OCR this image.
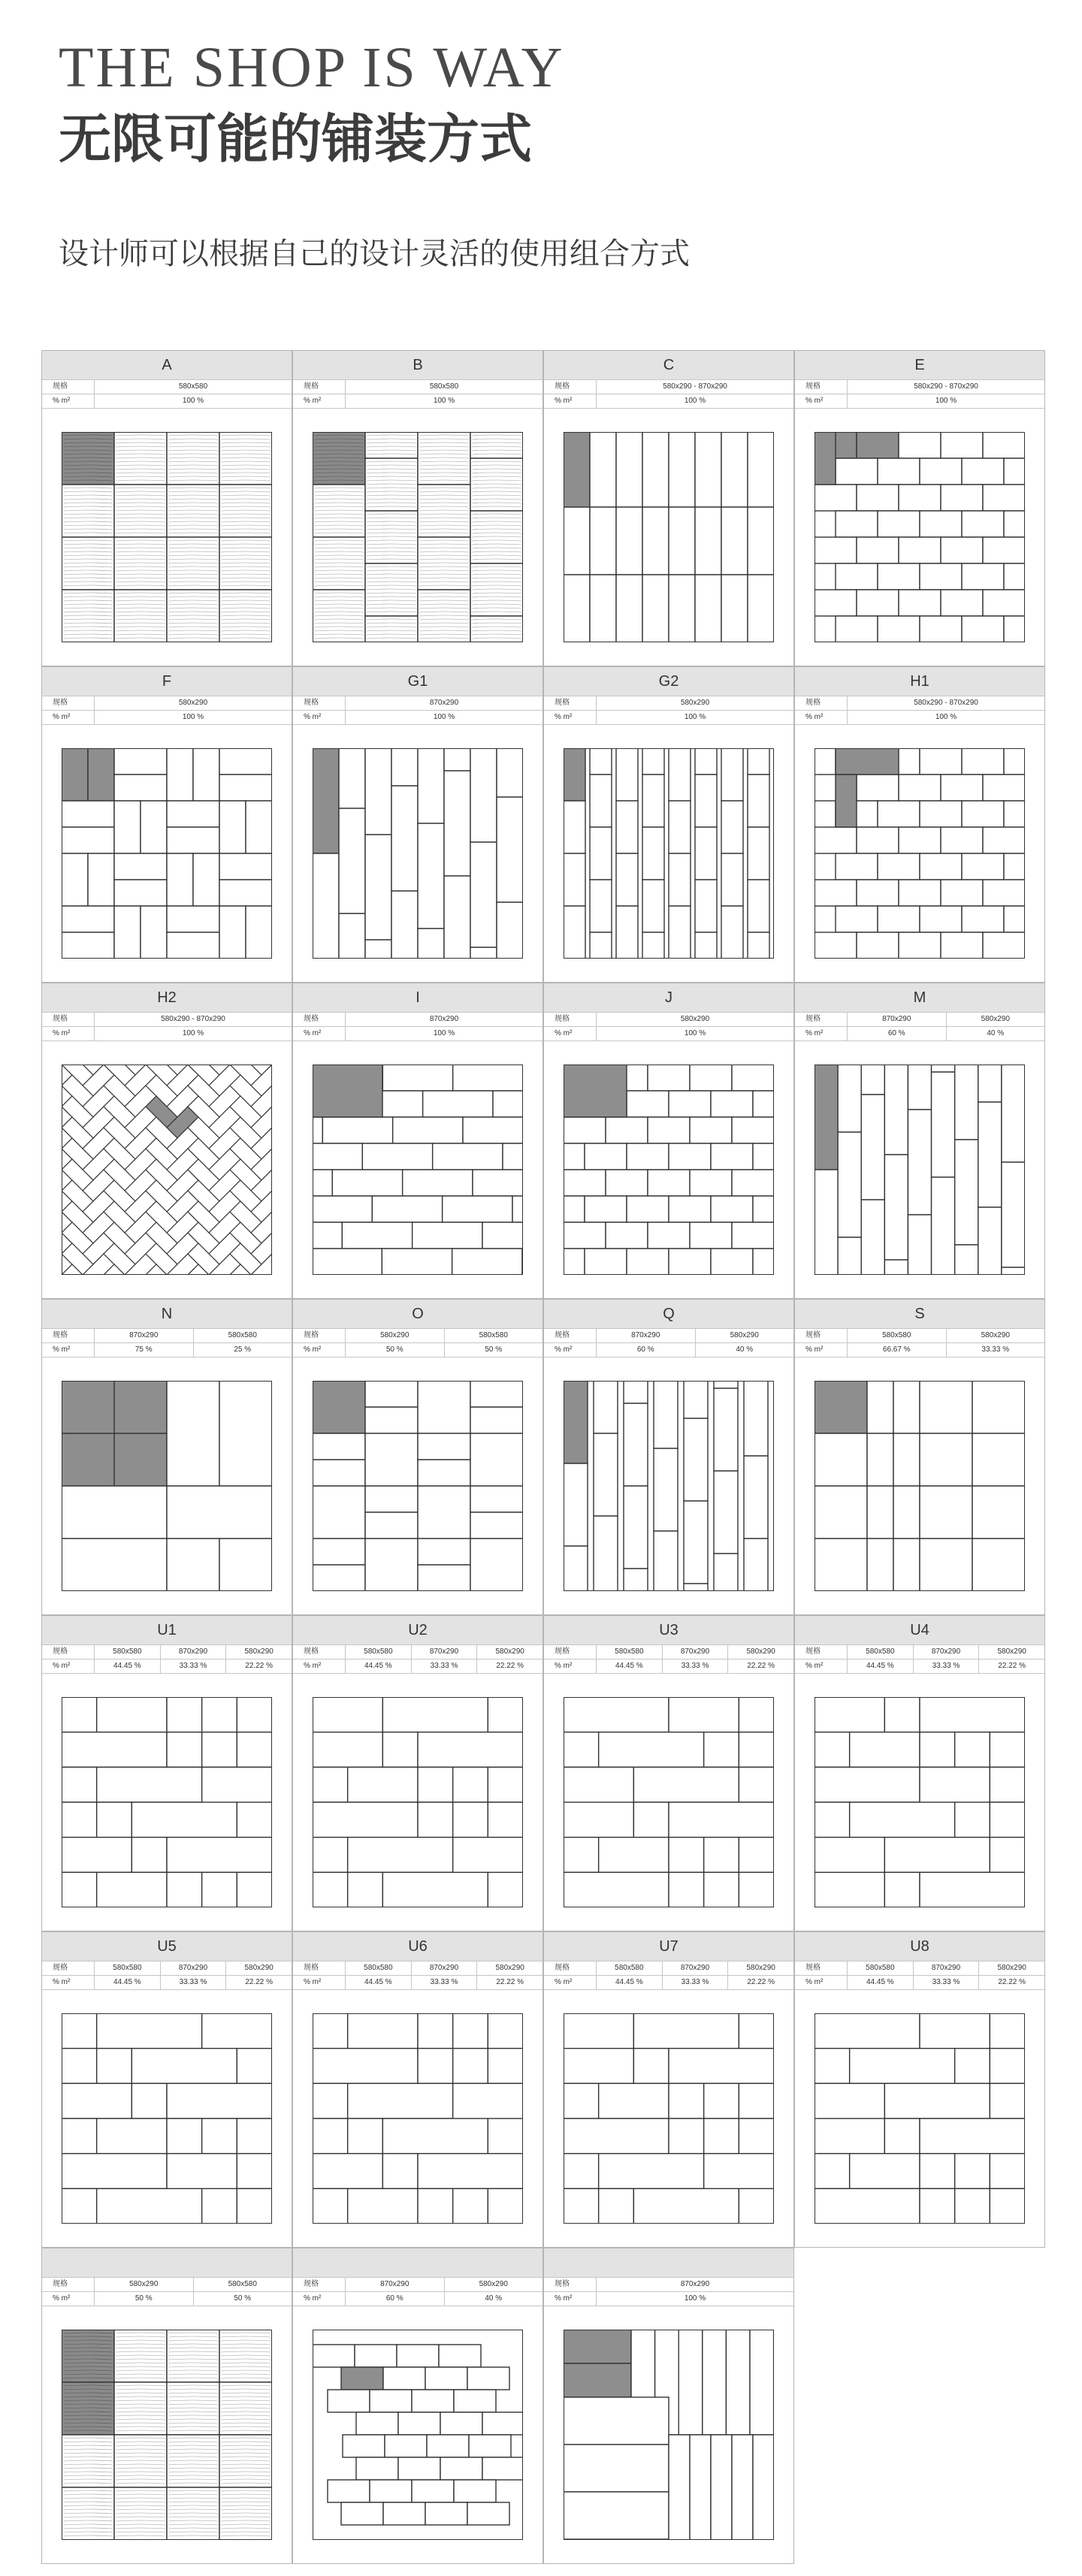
THE SHOP IS WAY
无限可能的铺装方式
设计师可以根据自己的设计灵活的使用组合方式
A
规格	580x580
% m²	100 %
B
规格	580x580
% m²	100 %
C
规格	580x290 - 870x290
% m²	100 %
E
规格	580x290 - 870x290
% m²	100 %
F
规格	580x290
% m²	100 %
G1
规格	870x290
% m²	100 %
G2
规格	580x290
% m²	100 %
H1
规格	580x290 - 870x290
% m²	100 %
H2
规格	580x290 - 870x290
% m²	100 %
I
规格	870x290
% m²	100 %
J
规格	580x290
% m²	100 %
M
规格	870x290	580x290
% m²	60 %	40 %
N
规格	870x290	580x580
% m²	75 %	25 %
O
规格	580x290	580x580
% m²	50 %	50 %
Q
规格	870x290	580x290
% m²	60 %	40 %
S
规格	580x580	580x290
% m²	66.67 %	33.33 %
U1
规格	580x580	870x290	580x290
% m²	44.45 %	33.33 %	22.22 %
U2
规格	580x580	870x290	580x290
% m²	44.45 %	33.33 %	22.22 %
U3
规格	580x580	870x290	580x290
% m²	44.45 %	33.33 %	22.22 %
U4
规格	580x580	870x290	580x290
% m²	44.45 %	33.33 %	22.22 %
U5
规格	580x580	870x290	580x290
% m²	44.45 %	33.33 %	22.22 %
U6
规格	580x580	870x290	580x290
% m²	44.45 %	33.33 %	22.22 %
U7
规格	580x580	870x290	580x290
% m²	44.45 %	33.33 %	22.22 %
U8
规格	580x580	870x290	580x290
% m²	44.45 %	33.33 %	22.22 %
规格	580x290	580x580
% m²	50 %	50 %
规格	870x290	580x290
% m²	60 %	40 %
规格	870x290
% m²	100 %
